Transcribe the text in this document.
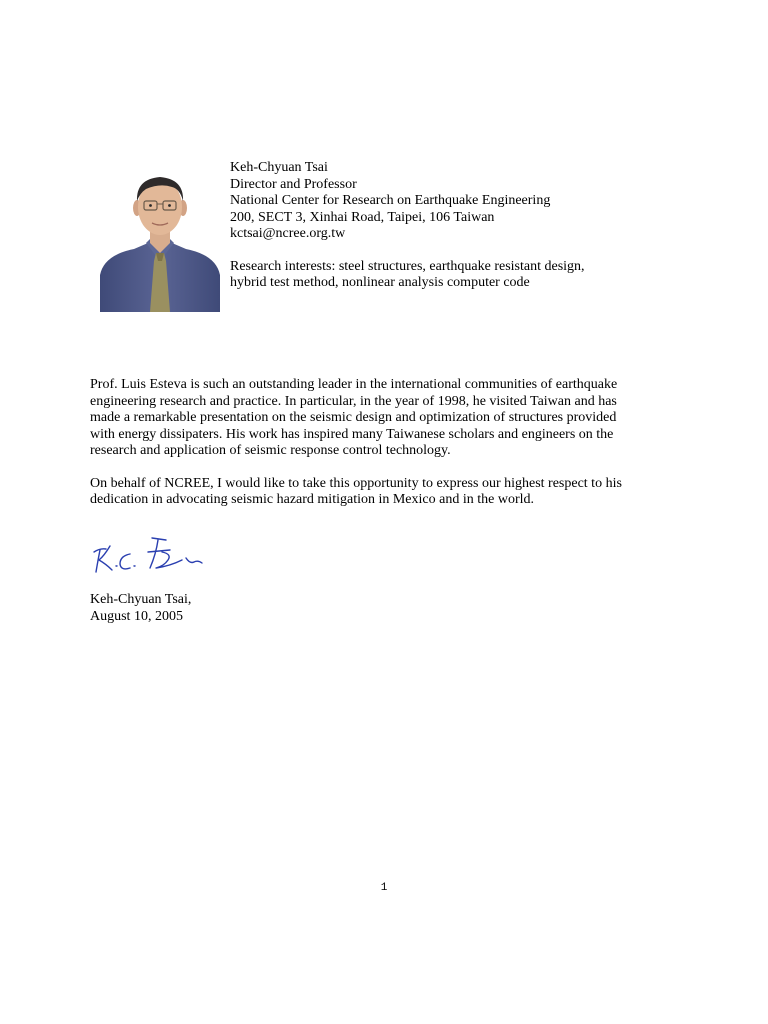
Keh-Chyuan Tsai
Director and Professor
National Center for Research on Earthquake Engineering
200, SECT 3, Xinhai Road, Taipei, 106 Taiwan
kctsai@ncree.org.tw
Research interests: steel structures, earthquake resistant design,
hybrid test method, nonlinear analysis computer code

Prof. Luis Esteva is such an outstanding leader in the international communities of earthquake
engineering research and practice. In particular, in the year of 1998, he visited Taiwan and has
made a remarkable presentation on the seismic design and optimization of structures provided
with energy dissipaters. His work has inspired many Taiwanese scholars and engineers on the
research and application of seismic response control technology.

On behalf of NCREE, I would like to take this opportunity to express our highest respect to his
dedication in advocating seismic hazard mitigation in Mexico and in the world.

Keh-Chyuan Tsai,
August 10, 2005
1
